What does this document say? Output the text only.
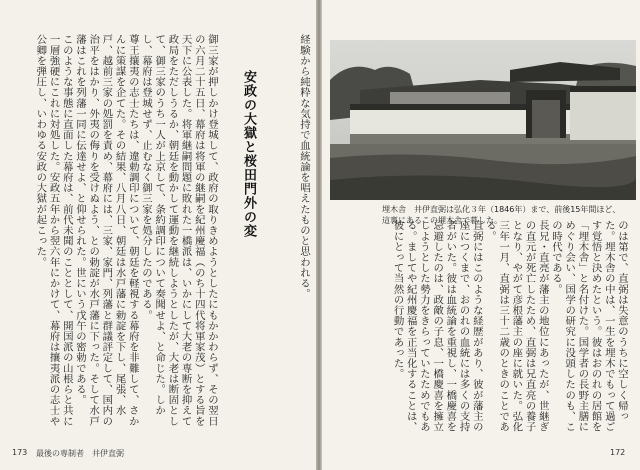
経験から純粋な気持で血統論を唱えたものと思われる。
安政の大獄と桜田門外の変
御三家が押しかけ登城して、政府の取りきめようとしたにもかかわらず、その翌日の六月二十五日、幕府は将軍の継嗣を紀州慶福（のち十四代将軍家茂）とする旨を天下に公表した。将軍継嗣問題に敗れた一橋派は、いかにして大老の専断を抑えて政局をただしうるか、朝廷を動かして運動を継続しようとしたが、大老は断固として、御三家のうち一人が上京して、条約調印について奏聞せよ、と命じた。しかし、幕府は登城せず、止むなく御三家を処分したのである。
尊王攘夷の志士たちは、違勅調印について、朝廷を軽視する幕府を非難して、さかんに策謀を企てた。その結果、八月八日、朝廷は水戸藩に勅諚を下し、尾張、水戸、越前三家の処罰を責め、幕府には、三家、家門、列藩と群議評定して、国内の治平をはかり、外夷の侮りを受けぬよう、との勅諚が水戸藩に下った。そして水戸藩はこれを列藩一同に伝達せよ、と仰せられた。世にいう戊午の密勅である。
このような事態に直面した幕府は、前代未聞のこととして、開国派の山根らと共に一層強硬にこれに対処した。安政五年から翌六年にかけて、幕府は攘夷派の志士や公卿を弾圧し、いわゆる安政の大獄が起こった。
173 最後の専制者　井伊直弼
埋木舎　井伊直弼は弘化３年（1846年）まで、前後15年間ほど、這裏にあるこの埋木舎で暮した。	のは第で、直弼は失意のうちに空しく帰った。埋木舎の中は、一生を埋木でもって過ごす覚悟と決めたという。彼はおのれの居館を「埋木舎」と名付けた。国学者の長野主膳にめぐり会い、国学の研究に没頭したのも、この時代である。
長兄・直亮が藩主の地位にあったが、世継ぎの直元が死亡したため、直弼は兄直亮の養子となり、やがて彦根藩主の座に就いた。弘化三年一月、直弼は三十二歳のときのことである。
直弼にはこのような経歴があり、彼が藩主の座につくまで、おのれの血統には多くの支持者がいた。彼は血統論を重視し、一橋慶喜を忌避したのは、政敵の子息、一橋慶喜を擁立しようとした勢力をきらっていたためでもある。ましてや紀州慶福を正当化することは、彼にとって当然の行動であった。
172
